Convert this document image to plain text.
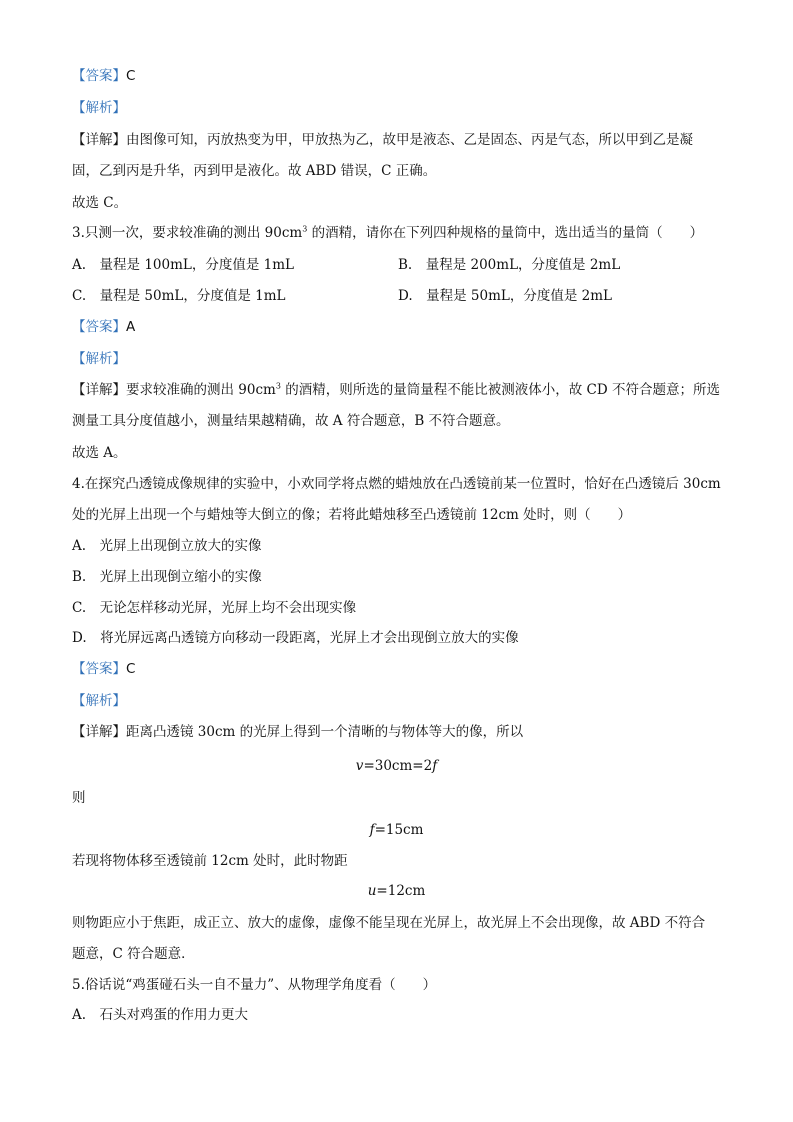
【答案】C
【解析】
【详解】由图像可知，丙放热变为甲，甲放热为乙，故甲是液态、乙是固态、丙是气态，所以甲到乙是凝
固，乙到丙是升华，丙到甲是液化。故 ABD 错误，C 正确。
故选 C。
3.只测一次，要求较准确的测出 $90cm^3$ 的酒精，请你在下列四种规格的量筒中，选出适当的量筒（　　）
A.　量程是 100mL，分度值是 1mL	B.　量程是 200mL，分度值是 2mL
C.　量程是 50mL，分度值是 1mL	D.　量程是 50mL，分度值是 2mL
【答案】A
【解析】
【详解】要求较准确的测出 $90cm^3$ 的酒精，则所选的量筒量程不能比被测液体小，故 CD 不符合题意；所选
测量工具分度值越小，测量结果越精确，故 A 符合题意，B 不符合题意。
故选 A。
4.在探究凸透镜成像规律的实验中，小欢同学将点燃的蜡烛放在凸透镜前某一位置时，恰好在凸透镜后 30cm
处的光屏上出现一个与蜡烛等大倒立的像；若将此蜡烛移至凸透镜前 12cm 处时，则（　　）
A.　光屏上出现倒立放大的实像
B.　光屏上出现倒立缩小的实像
C.　无论怎样移动光屏，光屏上均不会出现实像
D.　将光屏远离凸透镜方向移动一段距离，光屏上才会出现倒立放大的实像
【答案】C
【解析】
【详解】距离凸透镜 30cm 的光屏上得到一个清晰的与物体等大的像，所以
v=30cm=2f
则
f=15cm
若现将物体移至透镜前 12cm 处时，此时物距
u=12cm
则物距应小于焦距，成正立、放大的虚像，虚像不能呈现在光屏上，故光屏上不会出现像，故 ABD 不符合
题意，C 符合题意．
5.俗话说“鸡蛋碰石头一自不量力”、从物理学角度看（　　）
A.　石头对鸡蛋的作用力更大
